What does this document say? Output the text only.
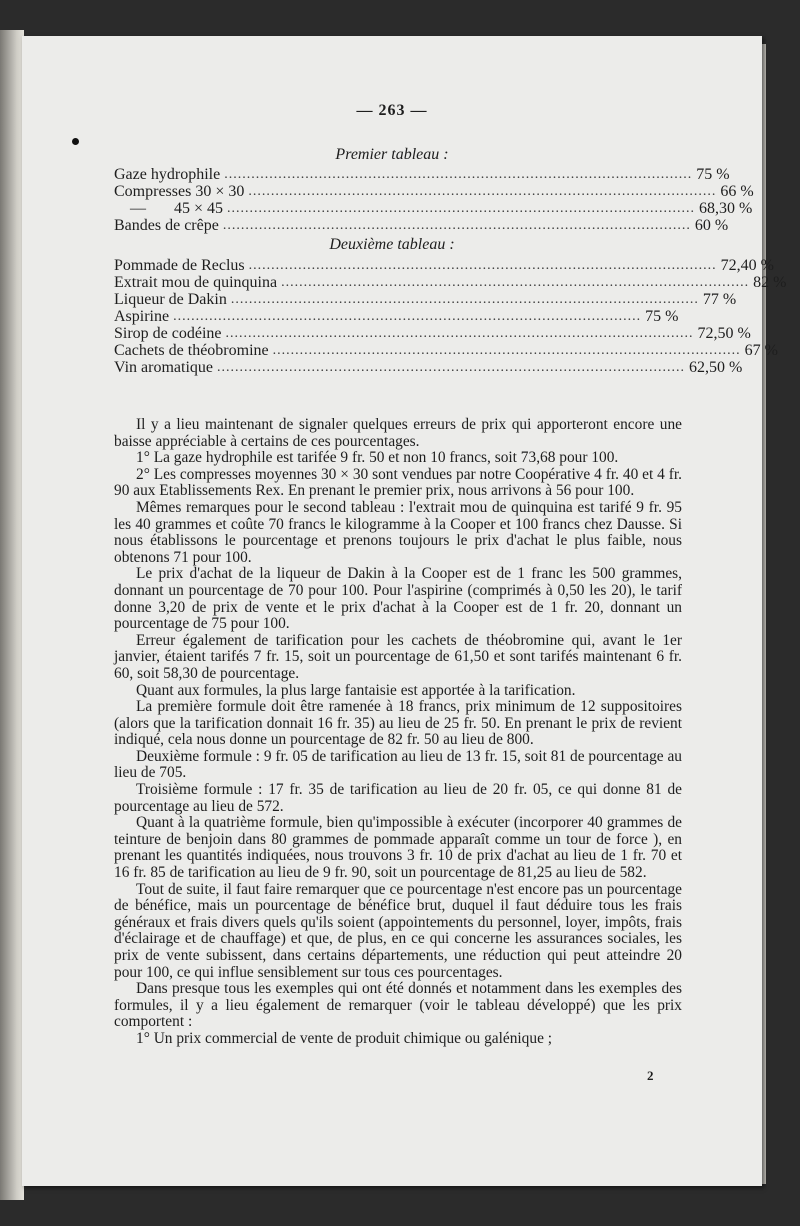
— 263 —
Premier tableau :
Gaze hydrophile ........................................................................................................ 75 %
Compresses 30 × 30 ........................................................................................................ 66 %
—       45 × 45 ........................................................................................................ 68,30 %
Bandes de crêpe ........................................................................................................ 60 %
Deuxième tableau :
Pommade de Reclus ........................................................................................................ 72,40 %
Extrait mou de quinquina ........................................................................................................ 82 %
Liqueur de Dakin ........................................................................................................ 77 %
Aspirine ........................................................................................................ 75 %
Sirop de codéine ........................................................................................................ 72,50 %
Cachets de théobromine ........................................................................................................ 67 %
Vin aromatique ........................................................................................................ 62,50 %

Il y a lieu maintenant de signaler quelques erreurs de prix qui apporteront encore une baisse appréciable à certains de ces pourcentages.

1° La gaze hydrophile est tarifée 9 fr. 50 et non 10 francs, soit 73,68 pour 100.

2° Les compresses moyennes 30 × 30 sont vendues par notre Coopérative 4 fr. 40 et 4 fr. 90 aux Etablissements Rex. En prenant le premier prix, nous arrivons à 56 pour 100.

Mêmes remarques pour le second tableau : l'extrait mou de quinquina est tarifé 9 fr. 95 les 40 grammes et coûte 70 francs le kilogramme à la Cooper et 100 francs chez Dausse. Si nous établissons le pourcentage et prenons toujours le prix d'achat le plus faible, nous obtenons 71 pour 100.

Le prix d'achat de la liqueur de Dakin à la Cooper est de 1 franc les 500 grammes, donnant un pourcentage de 70 pour 100. Pour l'aspirine (comprimés à 0,50 les 20), le tarif donne 3,20 de prix de vente et le prix d'achat à la Cooper est de 1 fr. 20, donnant un pourcentage de 75 pour 100.

Erreur également de tarification pour les cachets de théobromine qui, avant le 1er janvier, étaient tarifés 7 fr. 15, soit un pourcentage de 61,50 et sont tarifés maintenant 6 fr. 60, soit 58,30 de pourcentage.

Quant aux formules, la plus large fantaisie est apportée à la tarification.

La première formule doit être ramenée à 18 francs, prix minimum de 12 suppositoires (alors que la tarification donnait 16 fr. 35) au lieu de 25 fr. 50. En prenant le prix de revient indiqué, cela nous donne un pourcentage de 82 fr. 50 au lieu de 800.

Deuxième formule : 9 fr. 05 de tarification au lieu de 13 fr. 15, soit 81 de pourcentage au lieu de 705.

Troisième formule : 17 fr. 35 de tarification au lieu de 20 fr. 05, ce qui donne 81 de pourcentage au lieu de 572.

Quant à la quatrième formule, bien qu'impossible à exécuter (incorporer 40 grammes de teinture de benjoin dans 80 grammes de pommade apparaît comme un tour de force ), en prenant les quantités indiquées, nous trouvons 3 fr. 10 de prix d'achat au lieu de 1 fr. 70 et 16 fr. 85 de tarification au lieu de 9 fr. 90, soit un pourcentage de 81,25 au lieu de 582.

Tout de suite, il faut faire remarquer que ce pourcentage n'est encore pas un pourcentage de bénéfice, mais un pourcentage de bénéfice brut, duquel il faut déduire tous les frais généraux et frais divers quels qu'ils soient (appointements du personnel, loyer, impôts, frais d'éclairage et de chauffage) et que, de plus, en ce qui concerne les assurances sociales, les prix de vente subissent, dans certains départements, une réduction qui peut atteindre 20 pour 100, ce qui influe sensiblement sur tous ces pourcentages.

Dans presque tous les exemples qui ont été donnés et notamment dans les exemples des formules, il y a lieu également de remarquer (voir le tableau développé) que les prix comportent :

1° Un prix commercial de vente de produit chimique ou galénique ;

2
